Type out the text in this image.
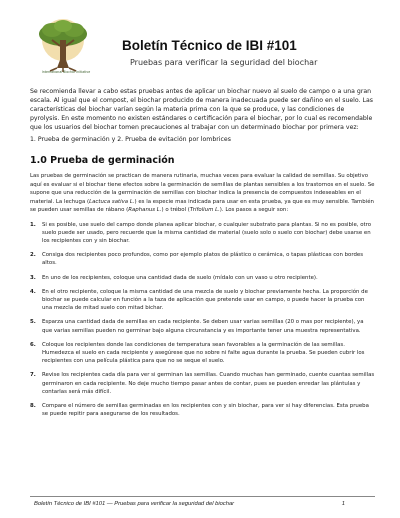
International Biochar Initiative
Boletín Técnico de IBI #101
Pruebas para verificar la seguridad del biochar

Se recomienda llevar a cabo estas pruebas antes de aplicar un biochar nuevo al suelo de campo o a una gran escala. Al igual que el compost, el biochar producido de manera inadecuada puede ser dañino en el suelo. Las características del biochar varían según la materia prima con la que se produce, y las condiciones de pyrolysis. En este momento no existen estándares o certificación para el biochar, por lo cual es recomendable que los usuarios del biochar tomen precauciones al trabajar con un determinado biochar por primera vez:

1. Prueba de germinación y 2. Prueba de evitación por lombrices

1.0 Prueba de germinación

Las pruebas de germinación se practican de manera rutinaria, muchas veces para evaluar la calidad de semillas. Su objetivo aquí es evaluar si el biochar tiene efectos sobre la germinación de semillas de plantas sensibles a los trastornos en el suelo. Se supone que una reducción de la germinación de semillas con biochar indica la presencia de compuestos indeseables en el material. La lechuga (Lactuca sativa L.) es la especie mas indicada para usar en esta prueba, ya que es muy sensible. También se pueden usar semillas de rábano (Raphanus L.) o trébol (Trifolium L.). Los pasos a seguir son:

1. Si es posible, use suelo del campo donde planea aplicar biochar, o cualquier substrato para plantas. Si no es posible, otro suelo puede ser usado, pero recuerde que la misma cantidad de material (suelo solo o suelo con biochar) debe usarse en los recipientes con y sin biochar.
2. Consiga dos recipientes poco profundos, como por ejemplo platos de plástico o cerámica, o tapas plásticas con bordes altos.
3. En uno de los recipientes, coloque una cantidad dada de suelo (mídalo con un vaso u otro recipiente).
4. En el otro recipiente, coloque la misma cantidad de una mezcla de suelo y biochar previamente hecha. La proporción de biochar se puede calcular en función a la taza de aplicación que pretende usar en campo, o puede hacer la prueba con una mezcla de mitad suelo con mitad bichar.
5. Esparza una cantidad dada de semillas en cada recipiente. Se deben usar varias semillas (20 o mas por recipiente), ya que varias semillas pueden no germinar bajo alguna circunstancia y es importante tener una muestra representativa.
6. Coloque los recipientes donde las condiciones de temperatura sean favorables a la germinación de las semillas. Humedezca el suelo en cada recipiente y asegúrese que no sobre ni falte agua durante la prueba. Se pueden cubrir los recipientes con una película plástica para que no se seque el suelo.
7. Revise los recipientes cada día para ver si germinan las semillas. Cuando muchas han germinado, cuente cuantas semillas germinaron en cada recipiente. No deje mucho tiempo pasar antes de contar, pues se pueden enredar las plántulas y contarlas será más difícil.
8. Compare el número de semillas germinadas en los recipientes con y sin biochar, para ver si hay diferencias. Esta prueba se puede repitir para asegurarse de los resultados.
Boletín Técnico de IBI #101 — Pruebas para verificar la seguridad del biochar	1
